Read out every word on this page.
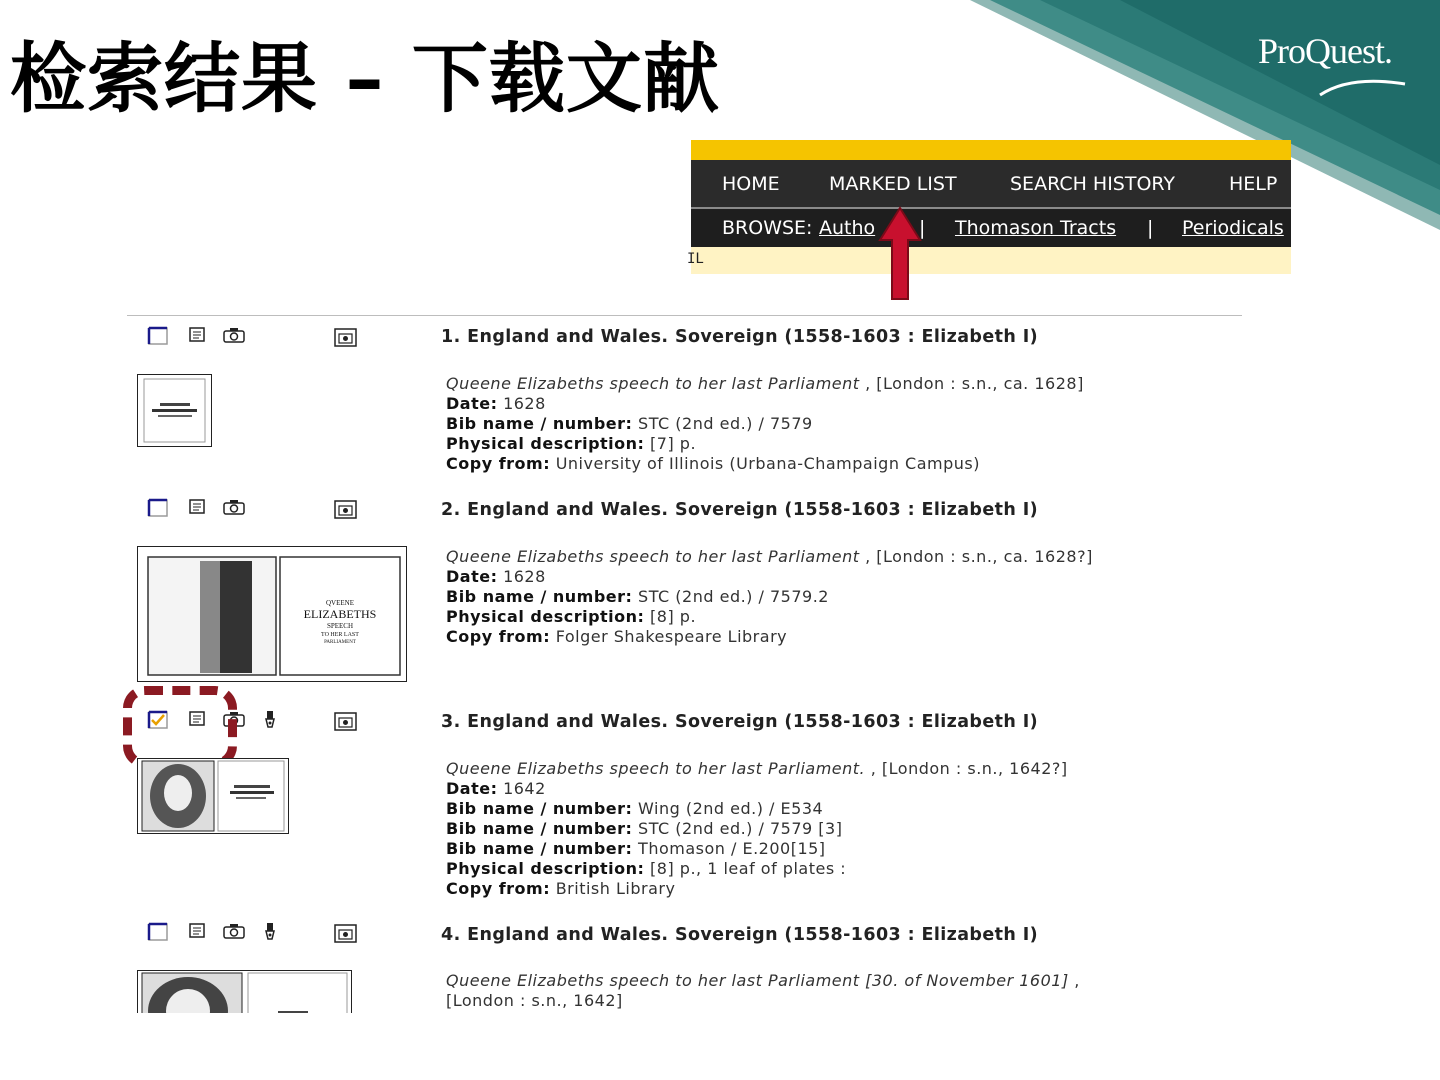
检索结果 – 下载文献	ProQuest.
HOME	MARKED LIST	SEARCH HISTORY	HELP
BROWSE: Autho | Thomason Tracts | Periodicals
IL
1. England and Wales. Sovereign (1558-1603 : Elizabeth I)
Queene Elizabeths speech to her last Parliament , [London : s.n., ca. 1628]
Date: 1628
Bib name / number: STC (2nd ed.) / 7579
Physical description: [7] p.
Copy from: University of Illinois (Urbana-Champaign Campus)
2. England and Wales. Sovereign (1558-1603 : Elizabeth I)
QVEENE
ELIZABETHS
SPEECH
TO HER LAST
PARLIAMENT
Queene Elizabeths speech to her last Parliament , [London : s.n., ca. 1628?]
Date: 1628
Bib name / number: STC (2nd ed.) / 7579.2
Physical description: [8] p.
Copy from: Folger Shakespeare Library
3. England and Wales. Sovereign (1558-1603 : Elizabeth I)
Queene Elizabeths speech to her last Parliament. , [London : s.n., 1642?]
Date: 1642
Bib name / number: Wing (2nd ed.) / E534
Bib name / number: STC (2nd ed.) / 7579 [3]
Bib name / number: Thomason / E.200[15]
Physical description: [8] p., 1 leaf of plates :
Copy from: British Library
4. England and Wales. Sovereign (1558-1603 : Elizabeth I)
Queene Elizabeths speech to her last Parliament [30. of November 1601] ,
[London : s.n., 1642]
